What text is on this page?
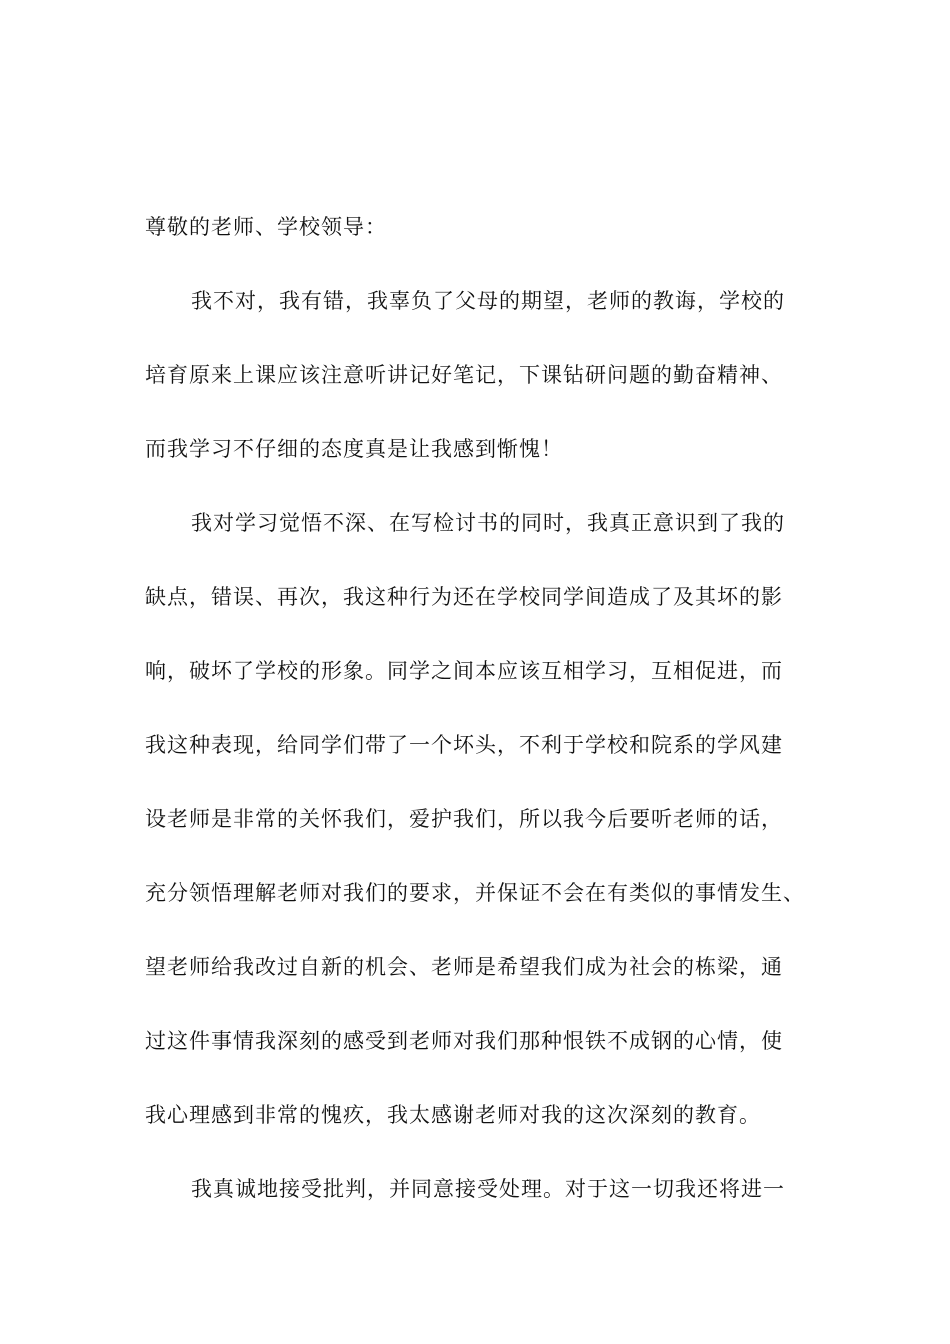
尊敬的老师、学校领导：

我不对，我有错，我辜负了父母的期望，老师的教诲，学校的

培育原来上课应该注意听讲记好笔记，下课钻研问题的勤奋精神、

而我学习不仔细的态度真是让我感到惭愧！

我对学习觉悟不深、在写检讨书的同时，我真正意识到了我的

缺点，错误、再次，我这种行为还在学校同学间造成了及其坏的影

响，破坏了学校的形象。同学之间本应该互相学习，互相促进，而

我这种表现，给同学们带了一个坏头，不利于学校和院系的学风建

设老师是非常的关怀我们，爱护我们，所以我今后要听老师的话，

充分领悟理解老师对我们的要求，并保证不会在有类似的事情发生、

望老师给我改过自新的机会、老师是希望我们成为社会的栋梁，通

过这件事情我深刻的感受到老师对我们那种恨铁不成钢的心情，使

我心理感到非常的愧疚，我太感谢老师对我的这次深刻的教育。

我真诚地接受批判，并同意接受处理。对于这一切我还将进一
